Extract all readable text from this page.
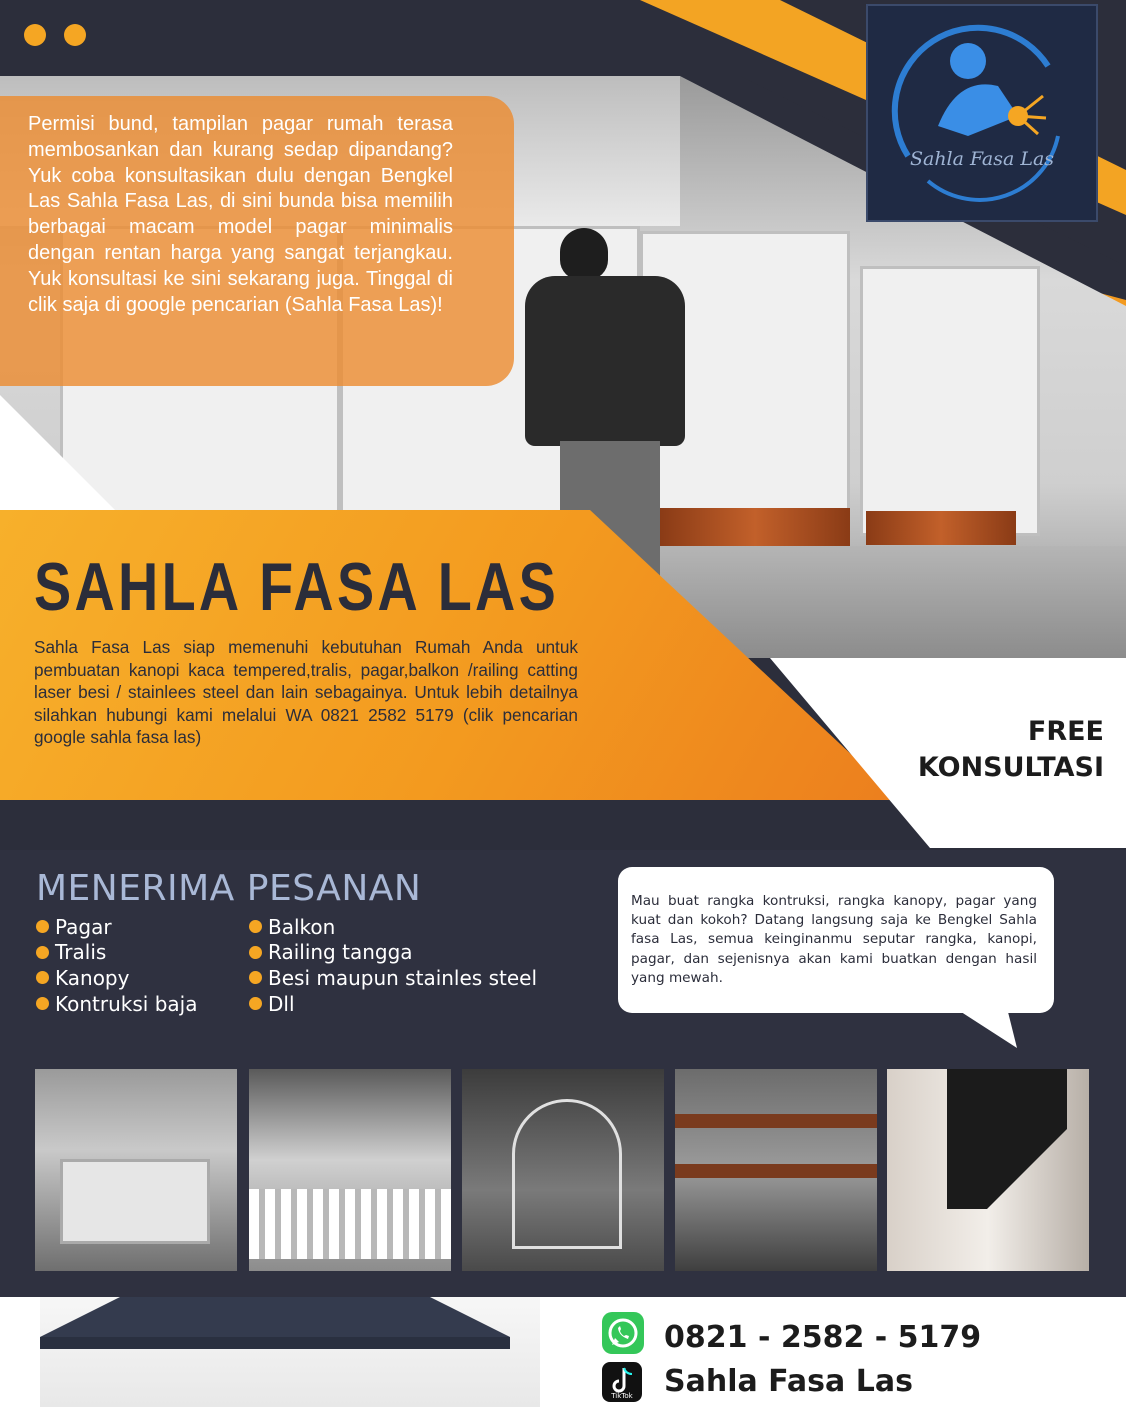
Permisi bund, tampilan pagar rumah terasa membosankan dan kurang sedap dipandang? Yuk coba konsultasikan dulu dengan Bengkel Las Sahla Fasa Las, di sini bunda bisa memilih berbagai macam model pagar minimalis dengan rentan harga yang sangat terjangkau. Yuk konsultasi ke sini sekarang juga. Tinggal di clik saja di google pencarian (Sahla Fasa Las)!
Sahla Fasa Las
SAHLA FASA LAS
Sahla Fasa Las siap memenuhi kebutuhan Rumah Anda untuk pembuatan kanopi kaca tempered,tralis, pagar,balkon /railing catting laser besi / stainlees steel dan lain sebagainya. Untuk lebih detailnya silahkan hubungi kami melalui WA 0821 2582 5179 (clik pencarian google sahla fasa las)	FREE
KONSULTASI
MENERIMA PESANAN
Pagar
Tralis
Kanopy
Kontruksi baja
Balkon
Railing tangga
Besi maupun stainles steel
Dll
Mau buat rangka kontruksi, rangka kanopy, pagar yang kuat dan kokoh? Datang langsung saja ke Bengkel Sahla fasa Las, semua keinginanmu seputar rangka, kanopi, pagar, dan sejenisnya akan kami buatkan dengan hasil yang mewah.
0821 - 2582 - 5179
TikTok	Sahla Fasa Las
